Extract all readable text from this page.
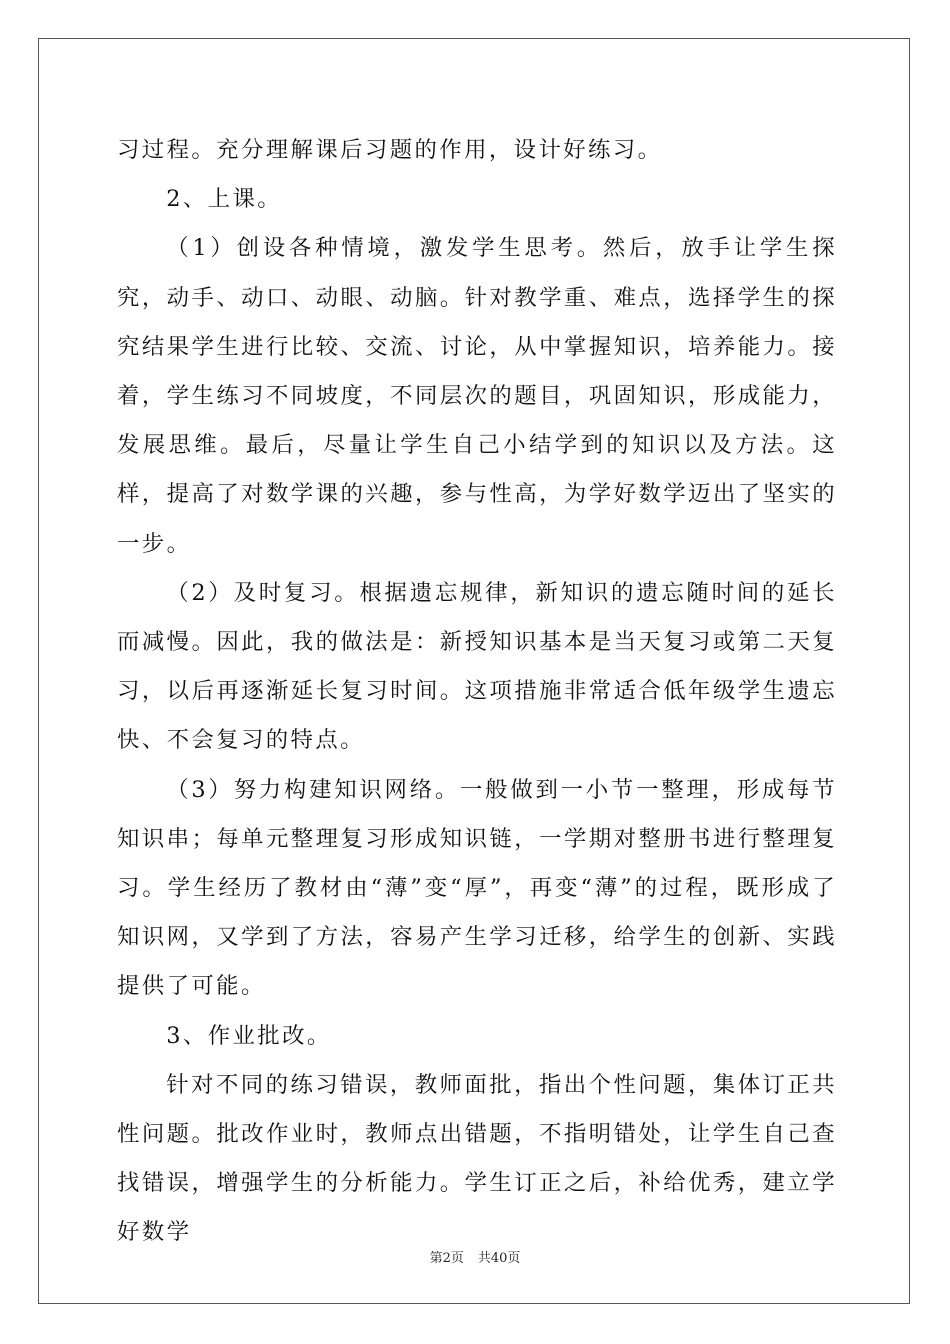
习过程。充分理解课后习题的作用，设计好练习。

2、上课。

（1）创设各种情境，激发学生思考。然后，放手让学生探究，动手、动口、动眼、动脑。针对教学重、难点，选择学生的探究结果学生进行比较、交流、讨论，从中掌握知识，培养能力。接着，学生练习不同坡度，不同层次的题目，巩固知识，形成能力，发展思维。最后，尽量让学生自己小结学到的知识以及方法。这样，提高了对数学课的兴趣，参与性高，为学好数学迈出了坚实的一步。

（2）及时复习。根据遗忘规律，新知识的遗忘随时间的延长而减慢。因此，我的做法是：新授知识基本是当天复习或第二天复习，以后再逐渐延长复习时间。这项措施非常适合低年级学生遗忘快、不会复习的特点。

（3）努力构建知识网络。一般做到一小节一整理，形成每节知识串；每单元整理复习形成知识链，一学期对整册书进行整理复习。学生经历了教材由“薄”变“厚”，再变“薄”的过程，既形成了知识网，又学到了方法，容易产生学习迁移，给学生的创新、实践提供了可能。

3、作业批改。

针对不同的练习错误，教师面批，指出个性问题，集体订正共性问题。批改作业时，教师点出错题，不指明错处，让学生自己查找错误，增强学生的分析能力。学生订正之后，补给优秀，建立学好数学

第2页 共40页
